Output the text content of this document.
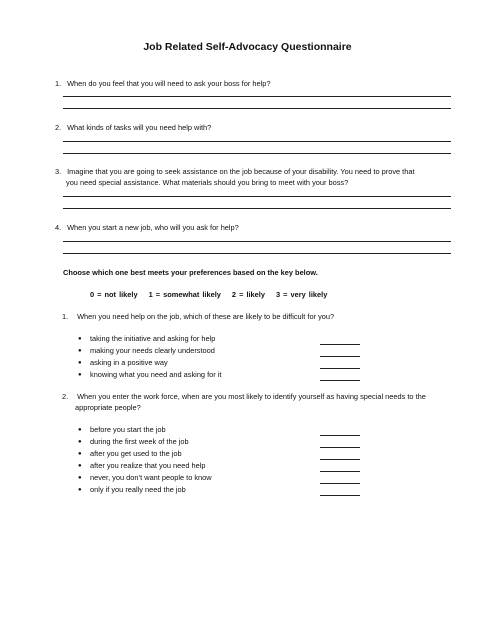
Job Related Self-Advocacy Questionnaire
1. When do you feel that you will need to ask your boss for help?
2. What kinds of tasks will you need help with?
3. Imagine that you are going to seek assistance on the job because of your disability. You need to prove that
you need special assistance. What materials should you bring to meet with your boss?
4. When you start a new job, who will you ask for help?
Choose which one best meets your preferences based on the key below.
0 = not likely 1 = somewhat likely 2 = likely 3 = very likely
1. When you need help on the job, which of these are likely to be difficult for you?
● taking the initiative and asking for help
● making your needs clearly understood
● asking in a positive way
● knowing what you need and asking for it
2. When you enter the work force, when are you most likely to identify yourself as having special needs to the
appropriate people?
● before you start the job
● during the first week of the job
● after you get used to the job
● after you realize that you need help
● never, you don’t want people to know
● only if you really need the job
